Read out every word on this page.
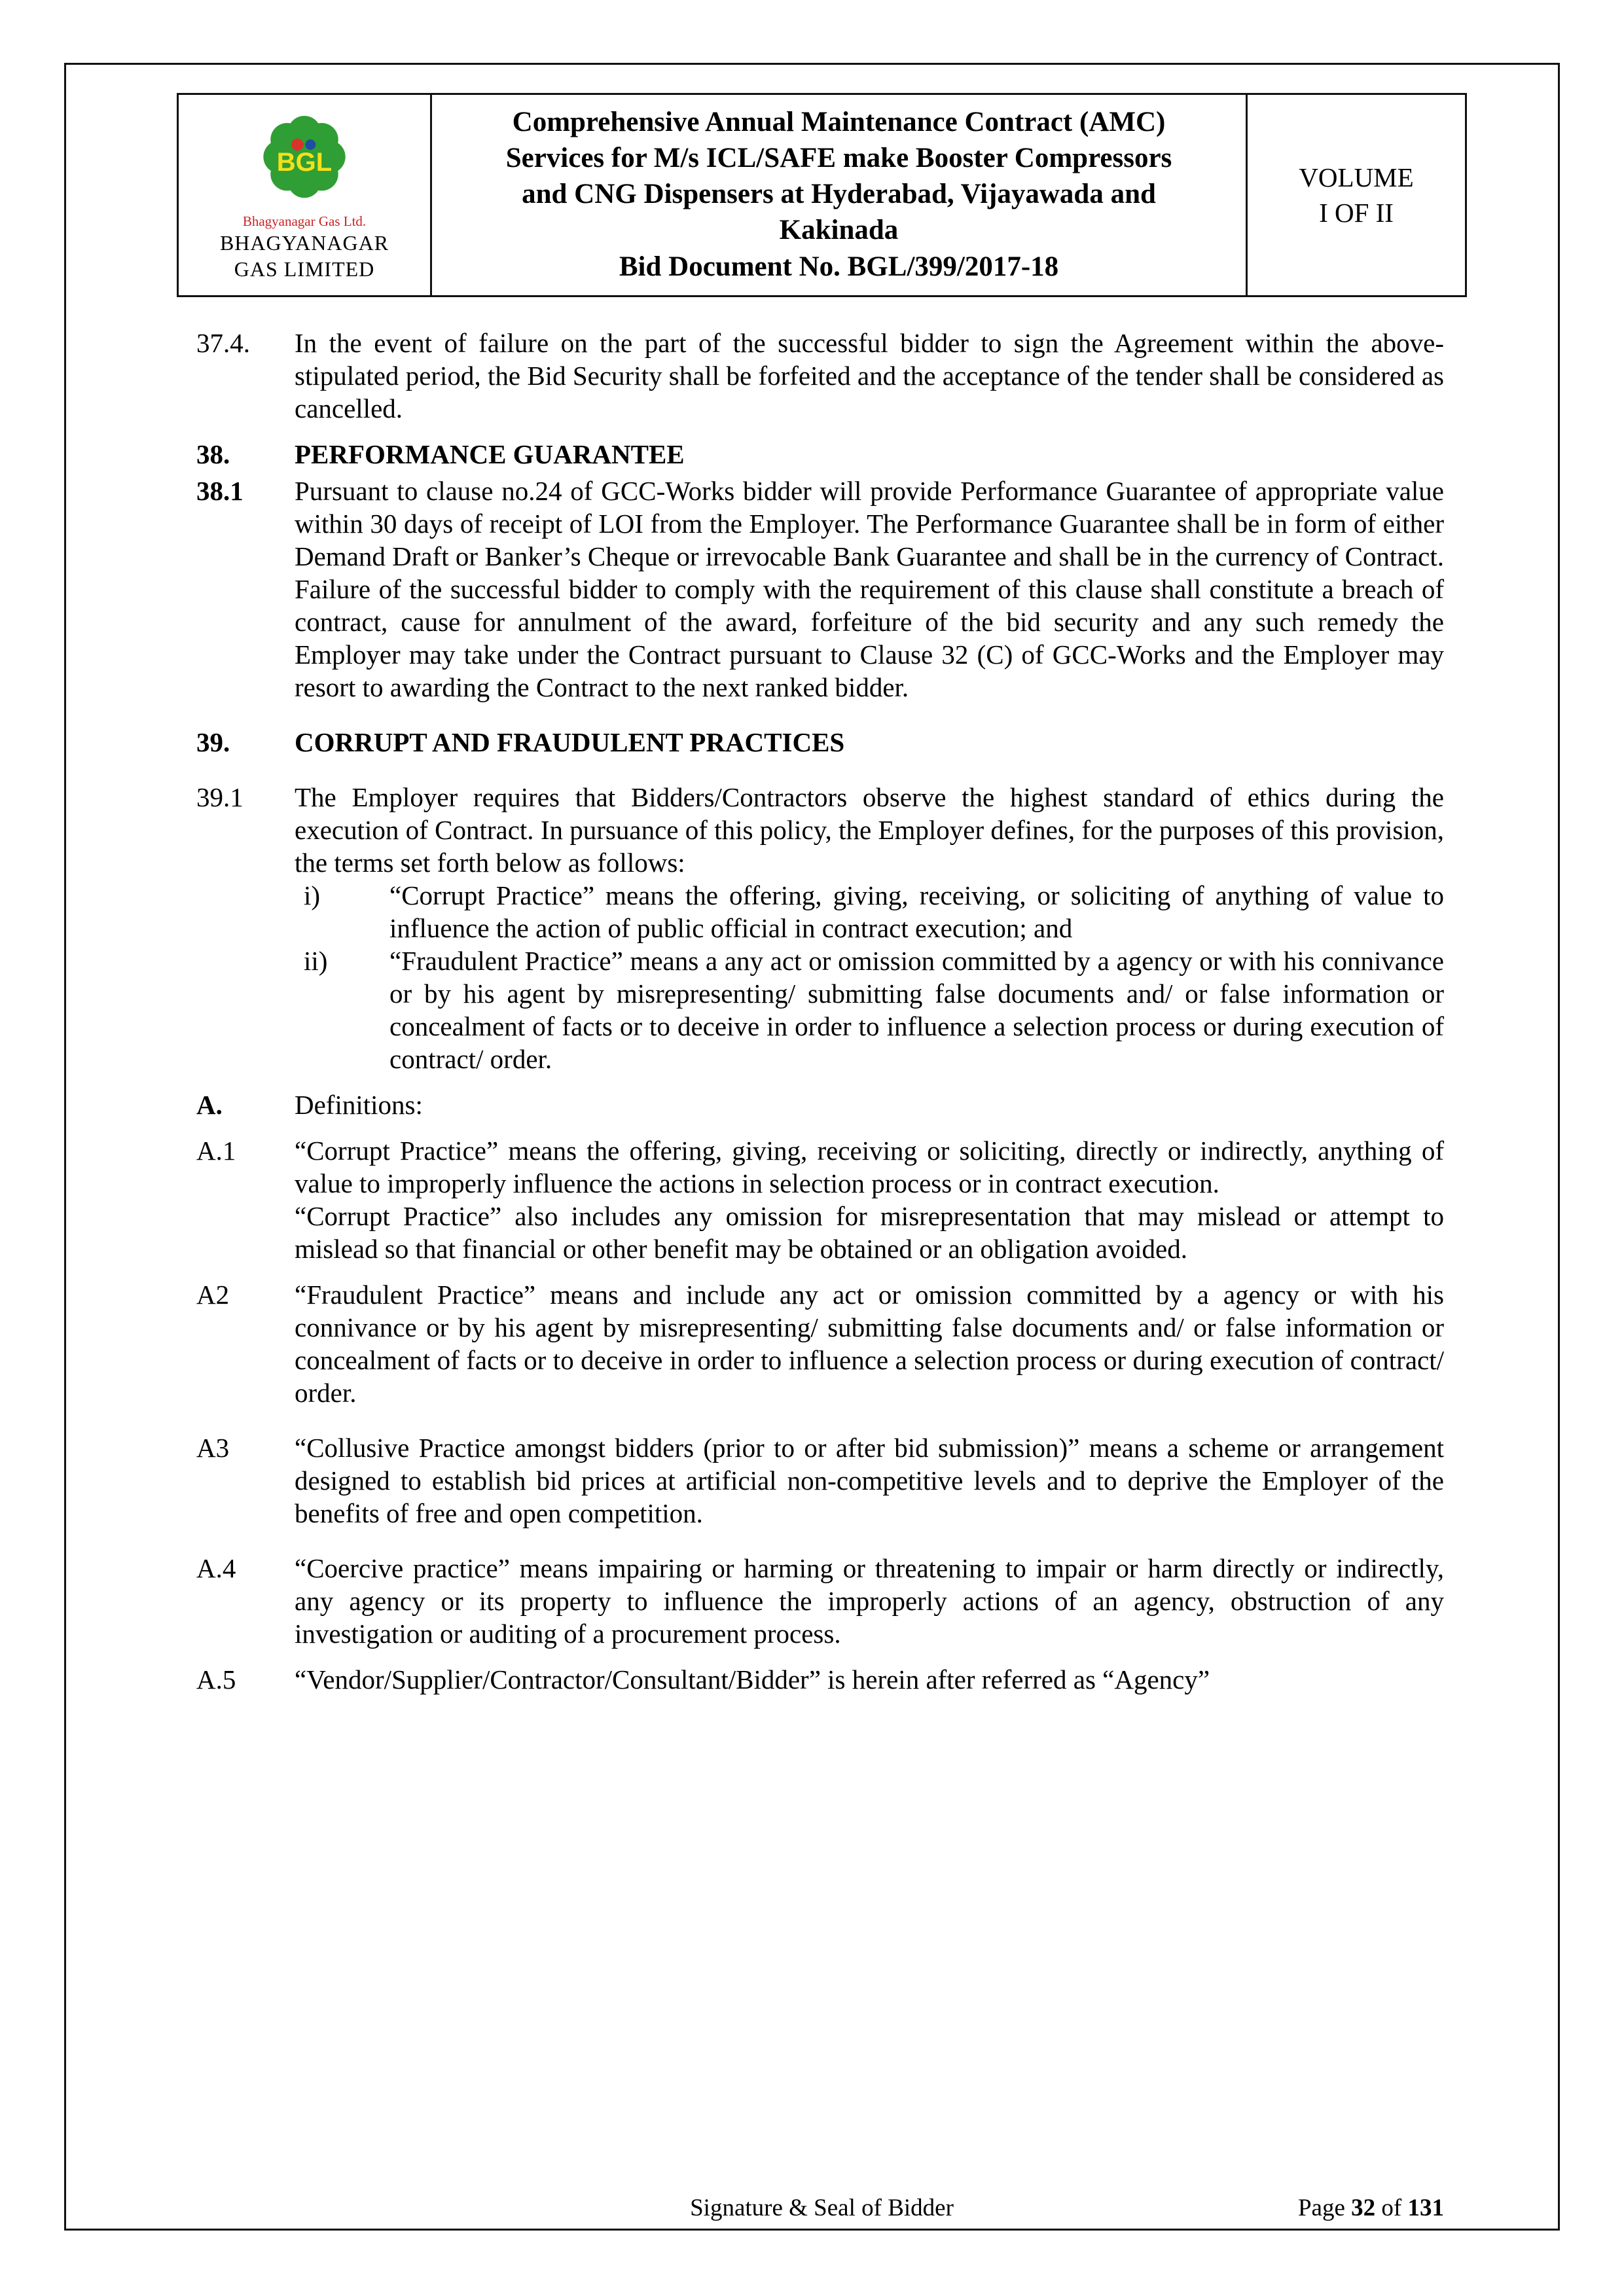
BGL
Bhagyanagar Gas Ltd.
BHAGYANAGAR
GAS LIMITED

Comprehensive Annual Maintenance Contract (AMC)
Services for M/s ICL/SAFE make Booster Compressors
and CNG Dispensers at Hyderabad, Vijayawada and
Kakinada
Bid Document No. BGL/399/2017-18

VOLUME
I OF II
37.4.	In the event of failure on the part of the successful bidder to sign the Agreement within the above-stipulated period, the Bid Security shall be forfeited and the acceptance of the tender shall be considered as cancelled.
38.	PERFORMANCE GUARANTEE
38.1	Pursuant to clause no.24 of GCC-Works bidder will provide Performance Guarantee of appropriate value within 30 days of receipt of LOI from the Employer. The Performance Guarantee shall be in form of either Demand Draft or Banker’s Cheque or irrevocable Bank Guarantee and shall be in the currency of Contract. Failure of the successful bidder to comply with the requirement of this clause shall constitute a breach of contract, cause for annulment of the award, forfeiture of the bid security and any such remedy the Employer may take under the Contract pursuant to Clause 32 (C) of GCC-Works and the Employer may resort to awarding the Contract to the next ranked bidder.
39.	CORRUPT AND FRAUDULENT PRACTICES
39.1	The Employer requires that Bidders/Contractors observe the highest standard of ethics during the execution of Contract. In pursuance of this policy, the Employer defines, for the purposes of this provision, the terms set forth below as follows:
i)	“Corrupt Practice” means the offering, giving, receiving, or soliciting of anything of value to influence the action of public official in contract execution; and
ii)	“Fraudulent Practice” means a any act or omission committed by a agency or with his connivance or by his agent by misrepresenting/ submitting false documents and/ or false information or concealment of facts or to deceive in order to influence a selection process or during execution of contract/ order.
A.	Definitions:
A.1	“Corrupt Practice” means the offering, giving, receiving or soliciting, directly or indirectly, anything of value to improperly influence the actions in selection process or in contract execution.
“Corrupt Practice” also includes any omission for misrepresentation that may mislead or attempt to mislead so that financial or other benefit may be obtained or an obligation avoided.
A2	“Fraudulent Practice” means and include any act or omission committed by a agency or with his connivance or by his agent by misrepresenting/ submitting false documents and/ or false information or concealment of facts or to deceive in order to influence a selection process or during execution of contract/ order.
A3	“Collusive Practice amongst bidders (prior to or after bid submission)” means a scheme or arrangement designed to establish bid prices at artificial non-competitive levels and to deprive the Employer of the benefits of free and open competition.
A.4	“Coercive practice” means impairing or harming or threatening to impair or harm directly or indirectly, any agency or its property to influence the improperly actions of an agency, obstruction of any investigation or auditing of a procurement process.
A.5	“Vendor/Supplier/Contractor/Consultant/Bidder” is herein after referred as “Agency”
Signature & Seal of Bidder	Page 32 of 131
